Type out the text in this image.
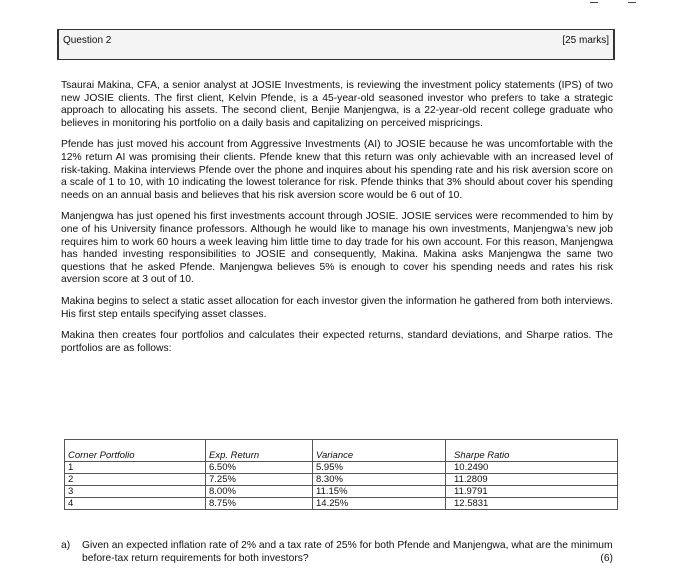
Question 2	[25 marks]

Tsaurai Makina, CFA, a senior analyst at JOSIE Investments, is reviewing the investment policy statements (IPS) of two new JOSIE clients. The first client, Kelvin Pfende, is a 45-year-old seasoned investor who prefers to take a strategic approach to allocating his assets. The second client, Benjie Manjengwa, is a 22-year-old recent college graduate who believes in monitoring his portfolio on a daily basis and capitalizing on perceived mispricings.

Pfende has just moved his account from Aggressive Investments (AI) to JOSIE because he was uncomfortable with the 12% return AI was promising their clients. Pfende knew that this return was only achievable with an increased level of risk-taking. Makina interviews Pfende over the phone and inquires about his spending rate and his risk aversion score on a scale of 1 to 10, with 10 indicating the lowest tolerance for risk. Pfende thinks that 3% should about cover his spending needs on an annual basis and believes that his risk aversion score would be 6 out of 10.

Manjengwa has just opened his first investments account through JOSIE. JOSIE services were recommended to him by one of his University finance professors. Although he would like to manage his own investments, Manjengwa’s new job requires him to work 60 hours a week leaving him little time to day trade for his own account. For this reason, Manjengwa has handed investing responsibilities to JOSIE and consequently, Makina. Makina asks Manjengwa the same two questions that he asked Pfende. Manjengwa believes 5% is enough to cover his spending needs and rates his risk aversion score at 3 out of 10.

Makina begins to select a static asset allocation for each investor given the information he gathered from both interviews. His first step entails specifying asset classes.

Makina then creates four portfolios and calculates their expected returns, standard deviations, and Sharpe ratios. The portfolios are as follows:

Corner Portfolio	Exp. Return	Variance	Sharpe Ratio
1	6.50%	5.95%	10.2490
2	7.25%	8.30%	11.2809
3	8.00%	11.15%	11.9791
4	8.75%	14.25%	12.5831
a) Given an expected inflation rate of 2% and a tax rate of 25% for both Pfende and Manjengwa, what are the minimum before-tax return requirements for both investors?	(6)
